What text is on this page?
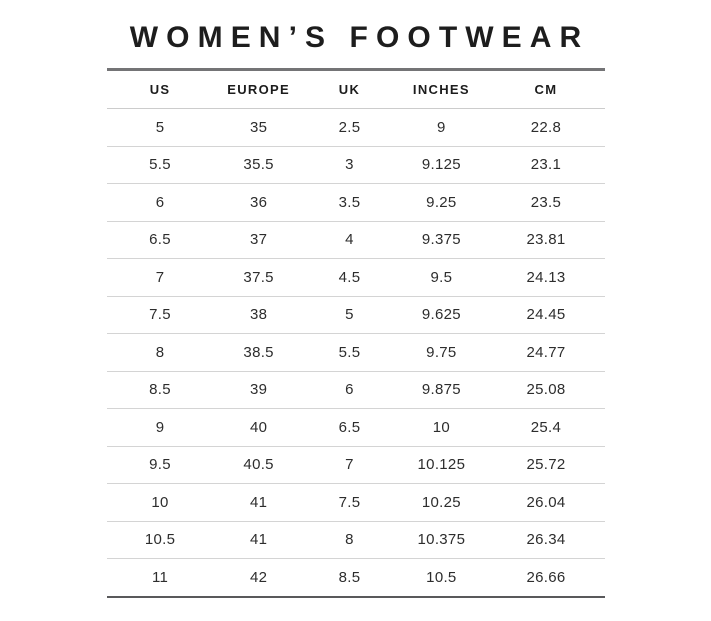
WOMEN’S FOOTWEAR
US	EUROPE	UK	INCHES	CM
5	35	2.5	9	22.8
5.5	35.5	3	9.125	23.1
6	36	3.5	9.25	23.5
6.5	37	4	9.375	23.81
7	37.5	4.5	9.5	24.13
7.5	38	5	9.625	24.45
8	38.5	5.5	9.75	24.77
8.5	39	6	9.875	25.08
9	40	6.5	10	25.4
9.5	40.5	7	10.125	25.72
10	41	7.5	10.25	26.04
10.5	41	8	10.375	26.34
11	42	8.5	10.5	26.66
